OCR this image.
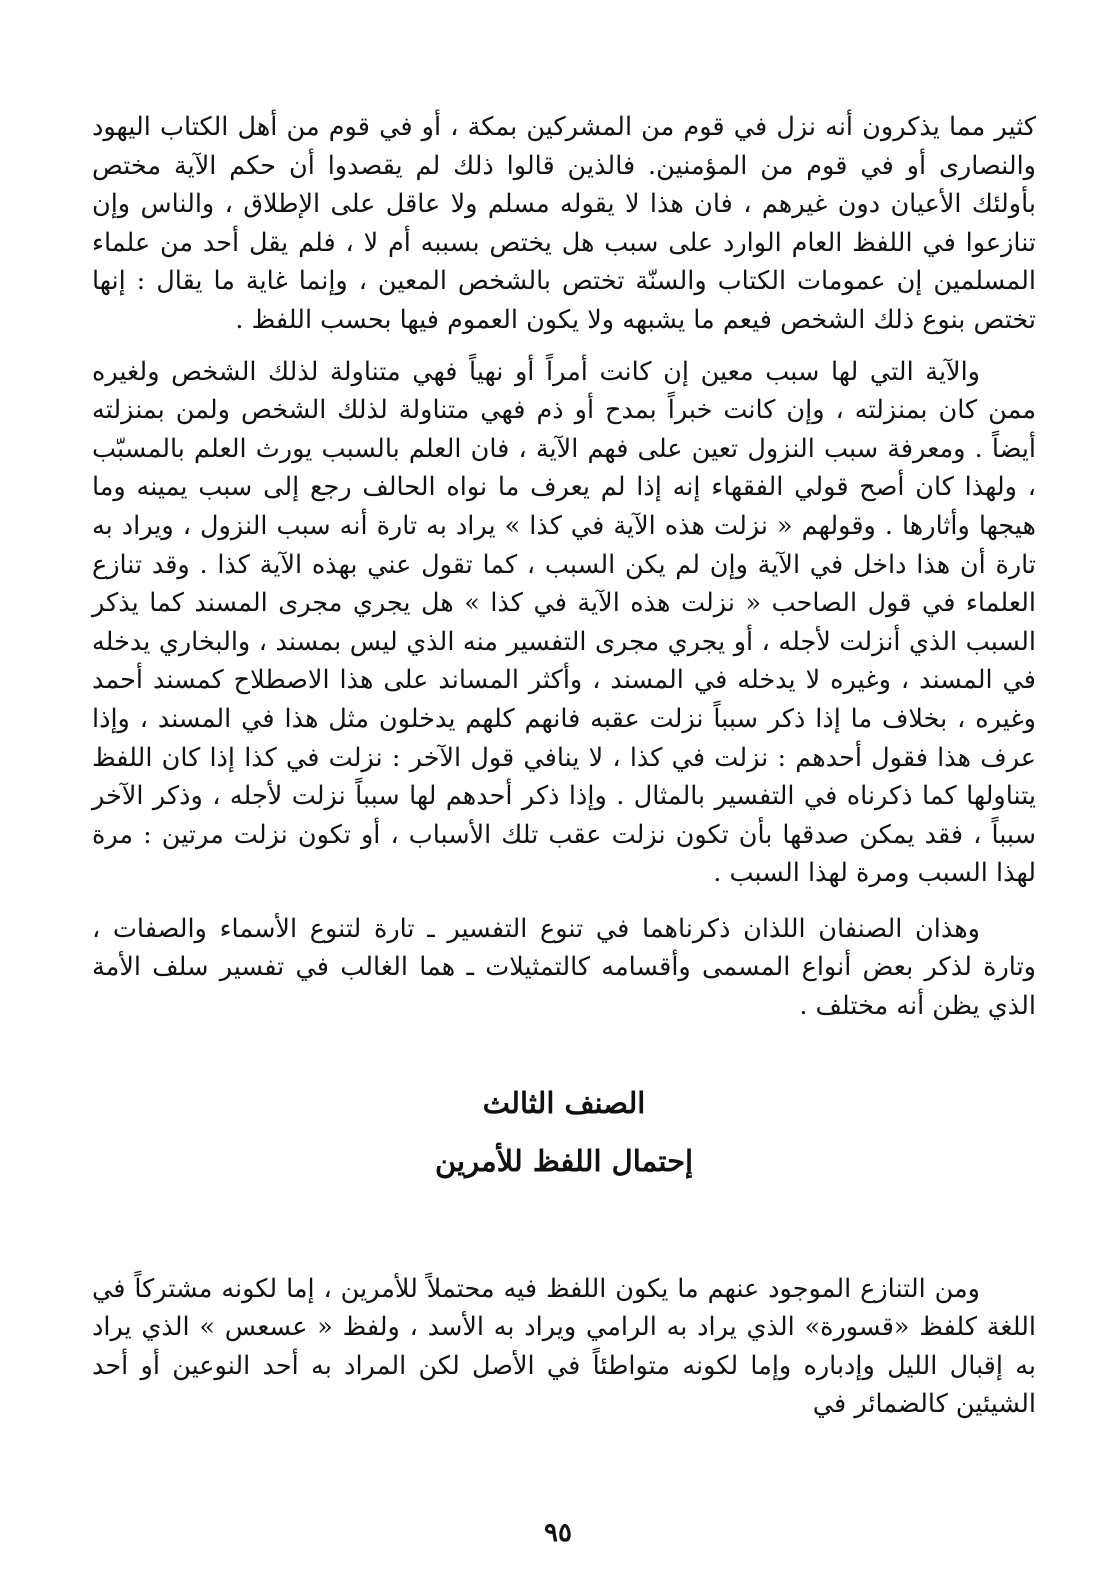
كثير مما يذكرون أنه نزل في قوم من المشركين بمكة ، أو في قوم من أهل الكتاب اليهود والنصارى أو في قوم من المؤمنين. فالذين قالوا ذلك لم يقصدوا أن حكم الآية مختص بأولئك الأعيان دون غيرهم ، فان هذا لا يقوله مسلم ولا عاقل على الإطلاق ، والناس وإن تنازعوا في اللفظ العام الوارد على سبب هل يختص بسببه أم لا ، فلم يقل أحد من علماء المسلمين إن عمومات الكتاب والسنّة تختص بالشخص المعين ، وإنما غاية ما يقال : إنها تختص بنوع ذلك الشخص فيعم ما يشبهه ولا يكون العموم فيها بحسب اللفظ .

والآية التي لها سبب معين إن كانت أمراً أو نهياً فهي متناولة لذلك الشخص ولغيره ممن كان بمنزلته ، وإن كانت خبراً بمدح أو ذم فهي متناولة لذلك الشخص ولمن بمنزلته أيضاً . ومعرفة سبب النزول تعين على فهم الآية ، فان العلم بالسبب يورث العلم بالمسبّب ، ولهذا كان أصح قولي الفقهاء إنه إذا لم يعرف ما نواه الحالف رجع إلى سبب يمينه وما هيجها وأثارها . وقولهم « نزلت هذه الآية في كذا » يراد به تارة أنه سبب النزول ، ويراد به تارة أن هذا داخل في الآية وإن لم يكن السبب ، كما تقول عني بهذه الآية كذا . وقد تنازع العلماء في قول الصاحب « نزلت هذه الآية في كذا » هل يجري مجرى المسند كما يذكر السبب الذي أنزلت لأجله ، أو يجري مجرى التفسير منه الذي ليس بمسند ، والبخاري يدخله في المسند ، وغيره لا يدخله في المسند ، وأكثر المساند على هذا الاصطلاح كمسند أحمد وغيره ، بخلاف ما إذا ذكر سبباً نزلت عقبه فانهم كلهم يدخلون مثل هذا في المسند ، وإذا عرف هذا فقول أحدهم : نزلت في كذا ، لا ينافي قول الآخر : نزلت في كذا إذا كان اللفظ يتناولها كما ذكرناه في التفسير بالمثال . وإذا ذكر أحدهم لها سبباً نزلت لأجله ، وذكر الآخر سبباً ، فقد يمكن صدقها بأن تكون نزلت عقب تلك الأسباب ، أو تكون نزلت مرتين : مرة لهذا السبب ومرة لهذا السبب .

وهذان الصنفان اللذان ذكرناهما في تنوع التفسير ـ تارة لتنوع الأسماء والصفات ، وتارة لذكر بعض أنواع المسمى وأقسامه كالتمثيلات ـ هما الغالب في تفسير سلف الأمة الذي يظن أنه مختلف .

الصنف الثالث

إحتمال اللفظ للأمرين

ومن التنازع الموجود عنهم ما يكون اللفظ فيه محتملاً للأمرين ، إما لكونه مشتركاً في اللغة كلفظ «قسورة» الذي يراد به الرامي ويراد به الأسد ، ولفظ « عسعس » الذي يراد به إقبال الليل وإدباره وإما لكونه متواطئاً في الأصل لكن المراد به أحد النوعين أو أحد الشيئين كالضمائر في

٩٥
